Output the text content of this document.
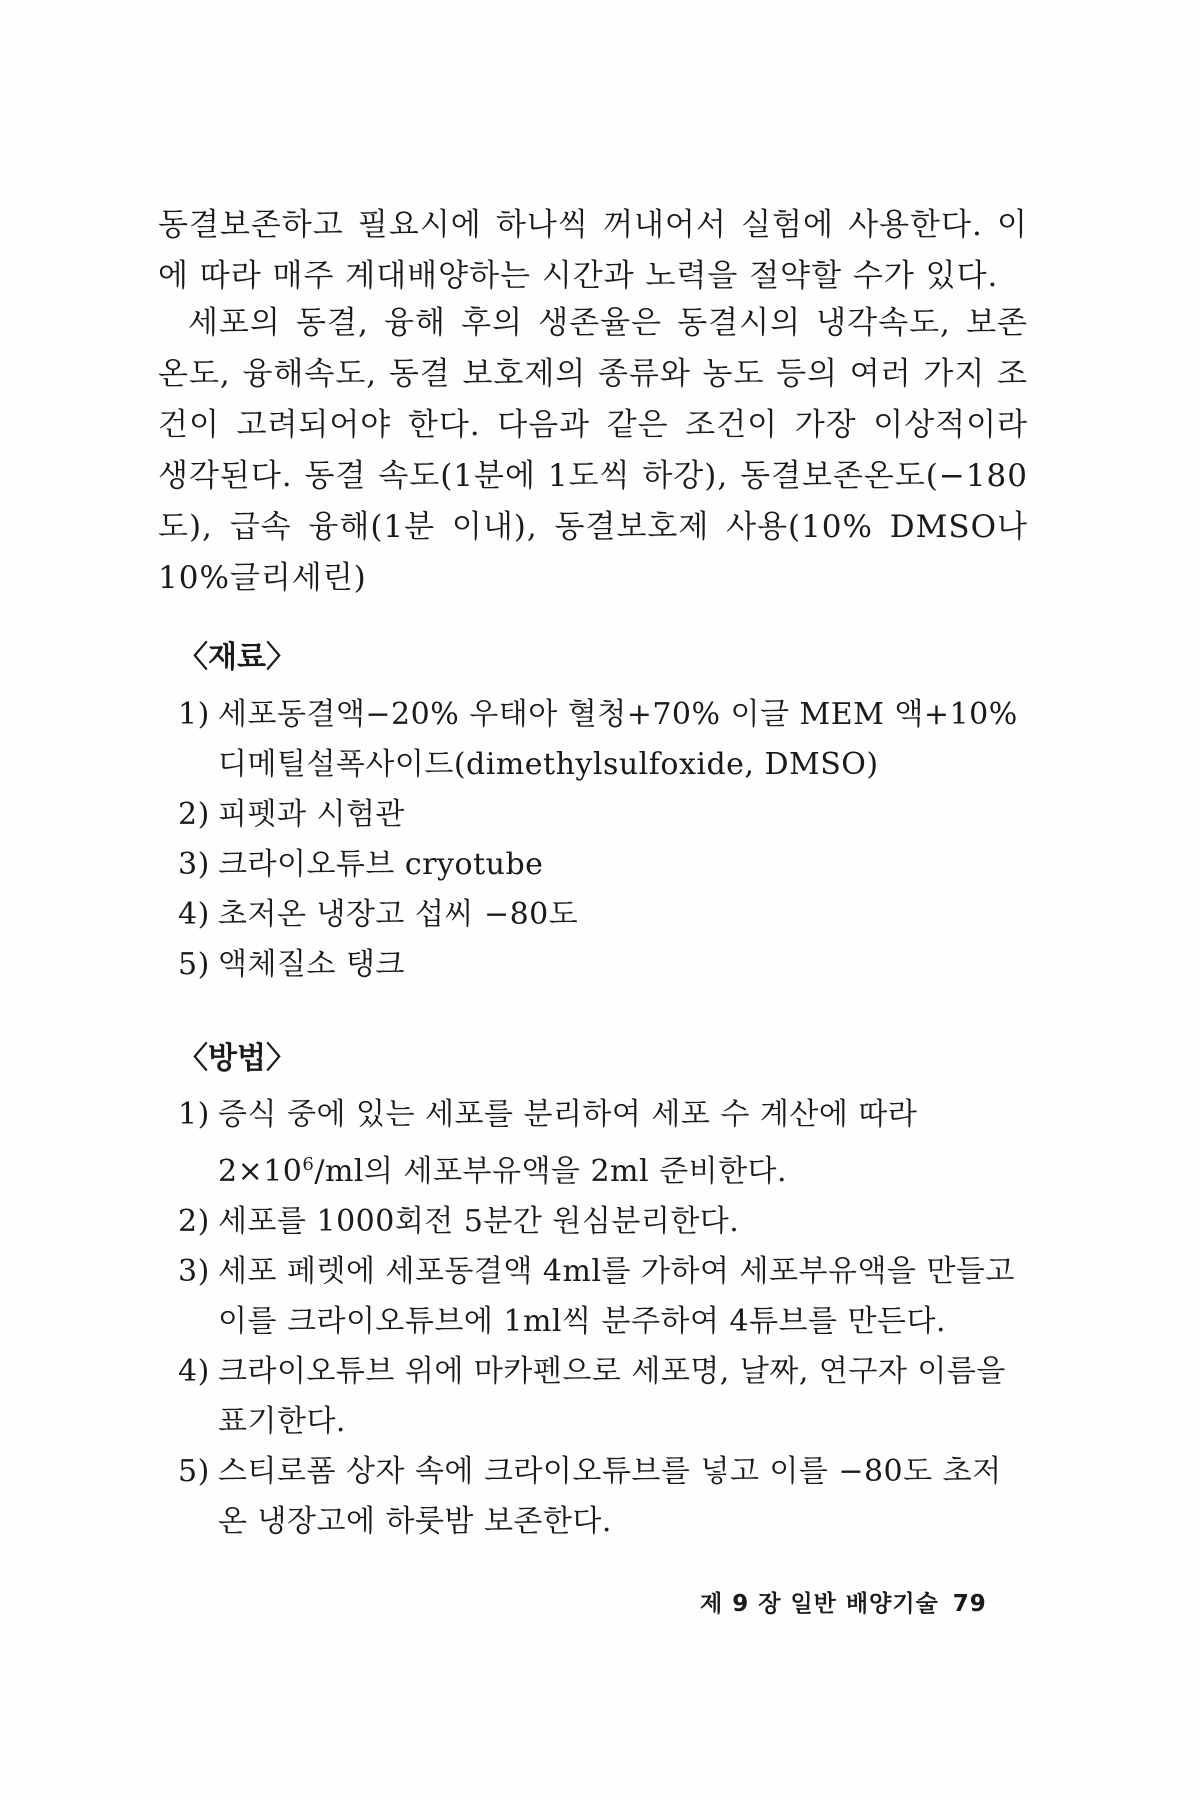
동결보존하고 필요시에 하나씩 꺼내어서 실험에 사용한다. 이에 따라 매주 계대배양하는 시간과 노력을 절약할 수가 있다.

세포의 동결, 융해 후의 생존율은 동결시의 냉각속도, 보존온도, 융해속도, 동결 보호제의 종류와 농도 등의 여러 가지 조건이 고려되어야 한다. 다음과 같은 조건이 가장 이상적이라 생각된다. 동결 속도(1분에 1도씩 하강), 동결보존온도(−180도), 급속 융해(1분 이내), 동결보호제 사용(10% DMSO나 10%글리세린)

〈재료〉
1) 세포동결액−20% 우태아 혈청+70% 이글 MEM 액+10% 디메틸설폭사이드(dimethylsulfoxide, DMSO)
2) 피펫과 시험관
3) 크라이오튜브 cryotube
4) 초저온 냉장고 섭씨 −80도
5) 액체질소 탱크
〈방법〉
1) 증식 중에 있는 세포를 분리하여 세포 수 계산에 따라 $2\times 10^6/ml$의 세포부유액을 2ml 준비한다.
2) 세포를 1000회전 5분간 원심분리한다.
3) 세포 페렛에 세포동결액 4ml를 가하여 세포부유액을 만들고 이를 크라이오튜브에 1ml씩 분주하여 4튜브를 만든다.
4) 크라이오튜브 위에 마카펜으로 세포명, 날짜, 연구자 이름을 표기한다.
5) 스티로폼 상자 속에 크라이오튜브를 넣고 이를 −80도 초저온 냉장고에 하룻밤 보존한다.
제 9 장 일반 배양기술 79
